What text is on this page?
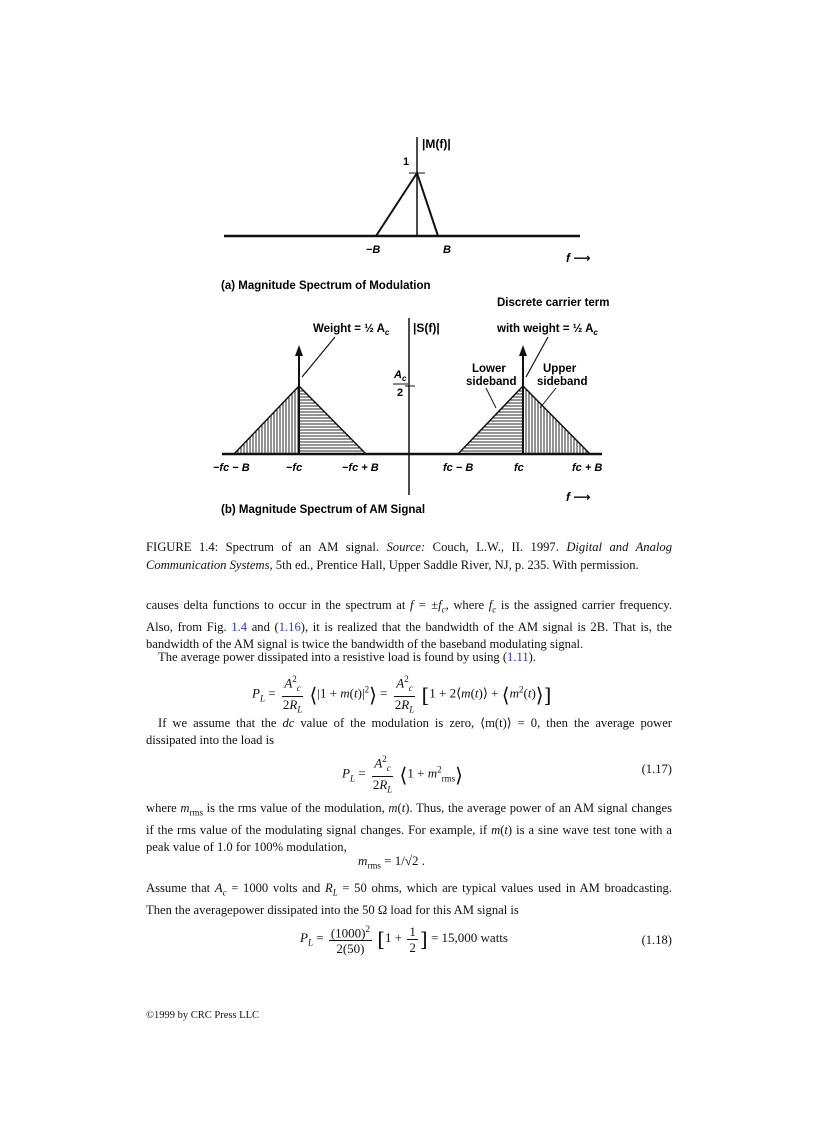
|M(f)|
1
−B	B
f ⟶
(a) Magnitude Spectrum of Modulation
Discrete carrier term
with weight = ½ $A_c$
Weight = ½ $A_c$ |S(f)|
$A_c$
2
Lower
sideband
Upper
sideband
−fc − B	−fc	−fc + B	fc − B	fc	fc + B
f ⟶
(b) Magnitude Spectrum of AM Signal
FIGURE 1.4: Spectrum of an AM signal. Source: Couch, L.W., II. 1997. Digital and Analog Communication Systems, 5th ed., Prentice Hall, Upper Saddle River, NJ, p. 235. With permission.
causes delta functions to occur in the spectrum at $f = \pm f_c$, where $f_c$ is the assigned carrier frequency. Also, from Fig. 1.4 and (1.16), it is realized that the bandwidth of the AM signal is 2B. That is, the bandwidth of the AM signal is twice the bandwidth of the baseband modulating signal.
The average power dissipated into a resistive load is found by using (1.11).
$P_L = \frac{A^2_c}{2R_L}$ ⟨|1 + $m(t)|^2⟩ = \frac{A^2_c}{2R_L} [1$ + 2⟨m(t)⟩ + $⟨m^2(t)⟩$]
If we assume that the dc value of the modulation is zero, ⟨m(t)⟩ = 0, then the average power dissipated into the load is
$P_L = \frac{A^2_c}{2R_L}$ ⟨1 + $m^2_{rms}⟩$	(1.17)
where $m_{rms}$ is the rms value of the modulation, m(t). Thus, the average power of an AM signal changes if the rms value of the modulating signal changes. For example, if m(t) is a sine wave test tone with a peak value of 1.0 for 100% modulation,
$m_{rms} = 1/√2$ .
Assume that $A_c = 1000$ volts and $R_L = 50$ ohms, which are typical values used in AM broadcasting. Then the averagepower dissipated into the 50 Ω load for this AM signal is
$P_L = \frac{(1000)^2}{2(50)} [1 + \frac{1}{2}$ ] = 15,000 watts	(1.18)
©1999 by CRC Press LLC
